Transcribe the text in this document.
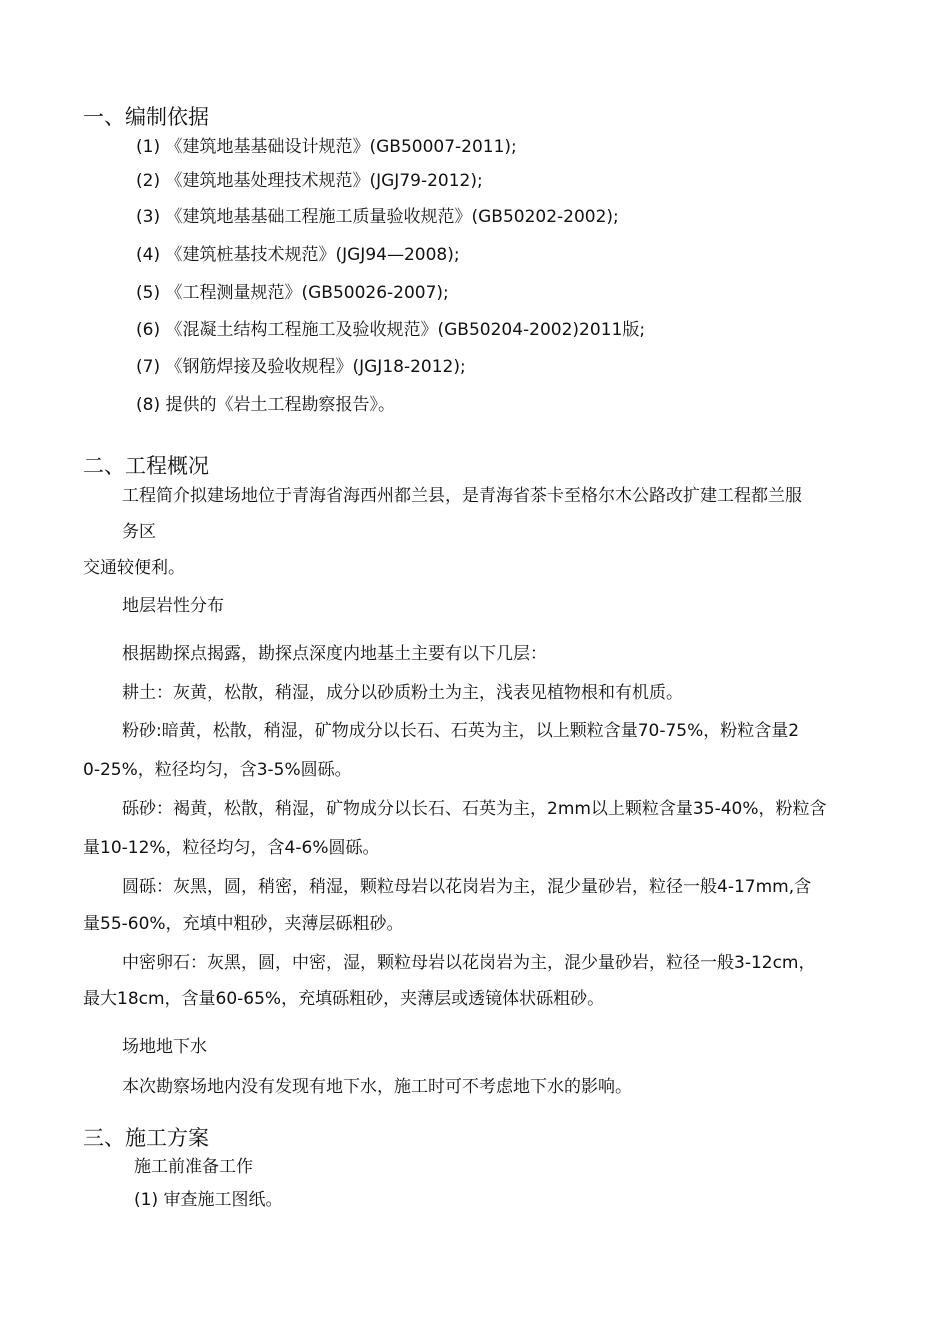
一、编制依据
(1) 《建筑地基基础设计规范》(GB50007-2011);
(2) 《建筑地基处理技术规范》(JGJ79-2012);
(3) 《建筑地基基础工程施工质量验收规范》(GB50202-2002);
(4) 《建筑桩基技术规范》(JGJ94—2008);
(5) 《工程测量规范》(GB50026-2007);
(6) 《混凝土结构工程施工及验收规范》(GB50204-2002)2011版;
(7) 《钢筋焊接及验收规程》(JGJ18-2012);
(8) 提供的《岩土工程勘察报告》。
二、工程概况
工程简介拟建场地位于青海省海西州都兰县，是青海省茶卡至格尔木公路改扩建工程都兰服
务区
交通较便利。
地层岩性分布
根据勘探点揭露，勘探点深度内地基土主要有以下几层：
耕土：灰黄，松散，稍湿，成分以砂质粉土为主，浅表见植物根和有机质。
粉砂:暗黄，松散，稍湿，矿物成分以长石、石英为主，以上颗粒含量70-75%，粉粒含量2
0-25%，粒径均匀，含3-5%圆砾。
砾砂：褐黄，松散，稍湿，矿物成分以长石、石英为主，2mm以上颗粒含量35-40%，粉粒含
量10-12%，粒径均匀，含4-6%圆砾。
圆砾：灰黑，圆，稍密，稍湿，颗粒母岩以花岗岩为主，混少量砂岩，粒径一般4-17mm,含
量55-60%，充填中粗砂，夹薄层砾粗砂。
中密卵石：灰黑，圆，中密，湿，颗粒母岩以花岗岩为主，混少量砂岩，粒径一般3-12cm，
最大18cm，含量60-65%，充填砾粗砂，夹薄层或透镜体状砾粗砂。
场地地下水
本次勘察场地内没有发现有地下水，施工时可不考虑地下水的影响。
三、施工方案
施工前准备工作
(1) 审查施工图纸。
